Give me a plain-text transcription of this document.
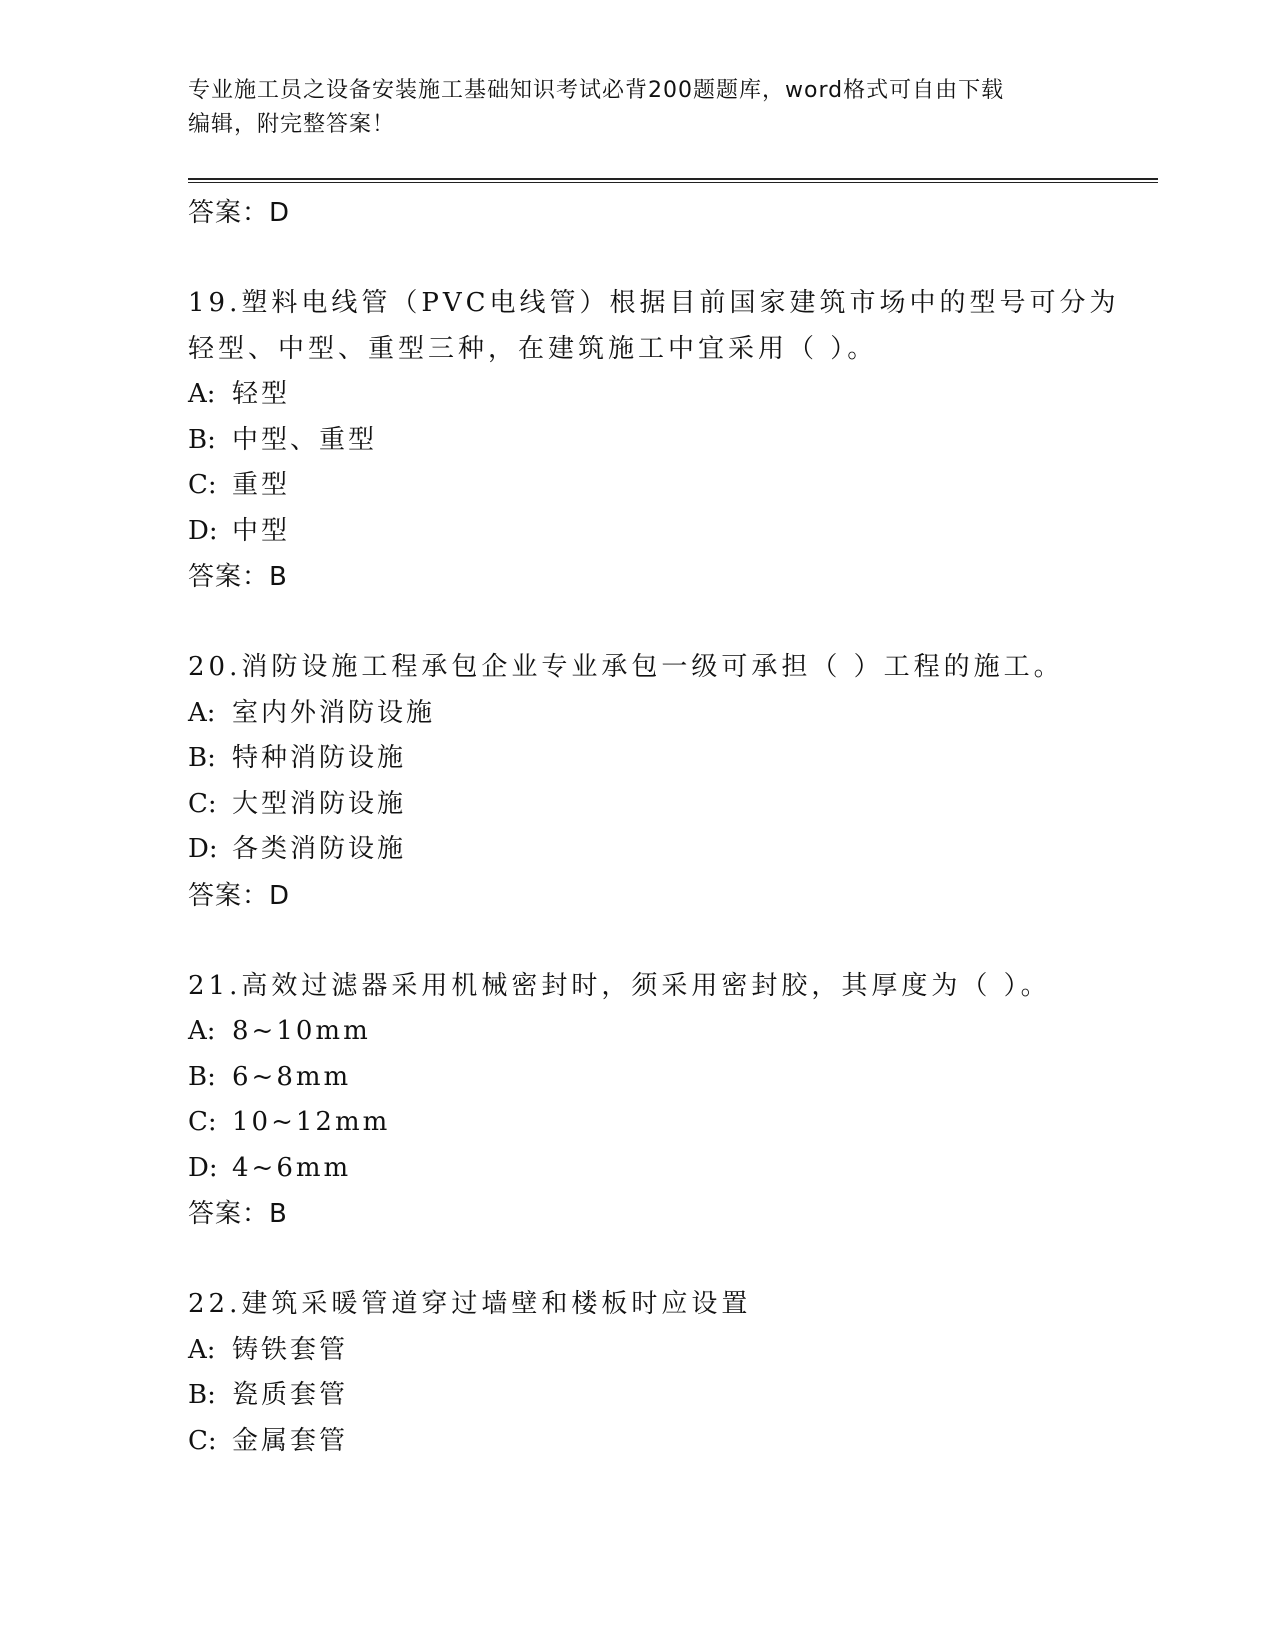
专业施工员之设备安装施工基础知识考试必背200题题库，word格式可自由下载
编辑，附完整答案！
答案：D
19.塑料电线管（PVC电线管）根据目前国家建筑市场中的型号可分为
轻型、中型、重型三种，在建筑施工中宜采用（ ）。
A: 轻型
B: 中型、重型
C: 重型
D: 中型
答案：B
20.消防设施工程承包企业专业承包一级可承担（ ）工程的施工。
A: 室内外消防设施
B: 特种消防设施
C: 大型消防设施
D: 各类消防设施
答案：D
21.高效过滤器采用机械密封时，须采用密封胶，其厚度为（ ）。
A: 8~10mm
B: 6~8mm
C: 10~12mm
D: 4~6mm
答案：B
22.建筑采暖管道穿过墙壁和楼板时应设置
A: 铸铁套管
B: 瓷质套管
C: 金属套管
